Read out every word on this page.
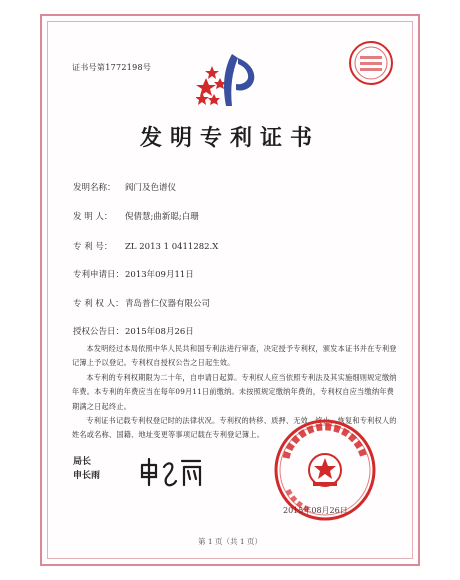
证书号第1772198号
发明专利证书
发明名称： 阀门及色谱仪
发 明 人： 倪倩慧;曲新聪;白珊
专 利 号： ZL 2013 1 0411282.X
专利申请日：2013年09月11日
专 利 权 人：青岛普仁仪器有限公司
授权公告日：2015年08月26日

本发明经过本局依照中华人民共和国专利法进行审查，决定授予专利权，颁发本证书并在专利登记簿上予以登记。专利权自授权公告之日起生效。

本专利的专利权期限为二十年，自申请日起算。专利权人应当依照专利法及其实施细则规定缴纳年费。本专利的年费应当在每年09月11日前缴纳。未按照规定缴纳年费的，专利权自应当缴纳年费期满之日起终止。

专利证书记载专利权登记时的法律状况。专利权的转移、质押、无效、终止、恢复和专利权人的姓名或名称、国籍、地址变更等事项记载在专利登记簿上。

局长
申长雨
2015年08月26日
第 1 页（共 1 页）
